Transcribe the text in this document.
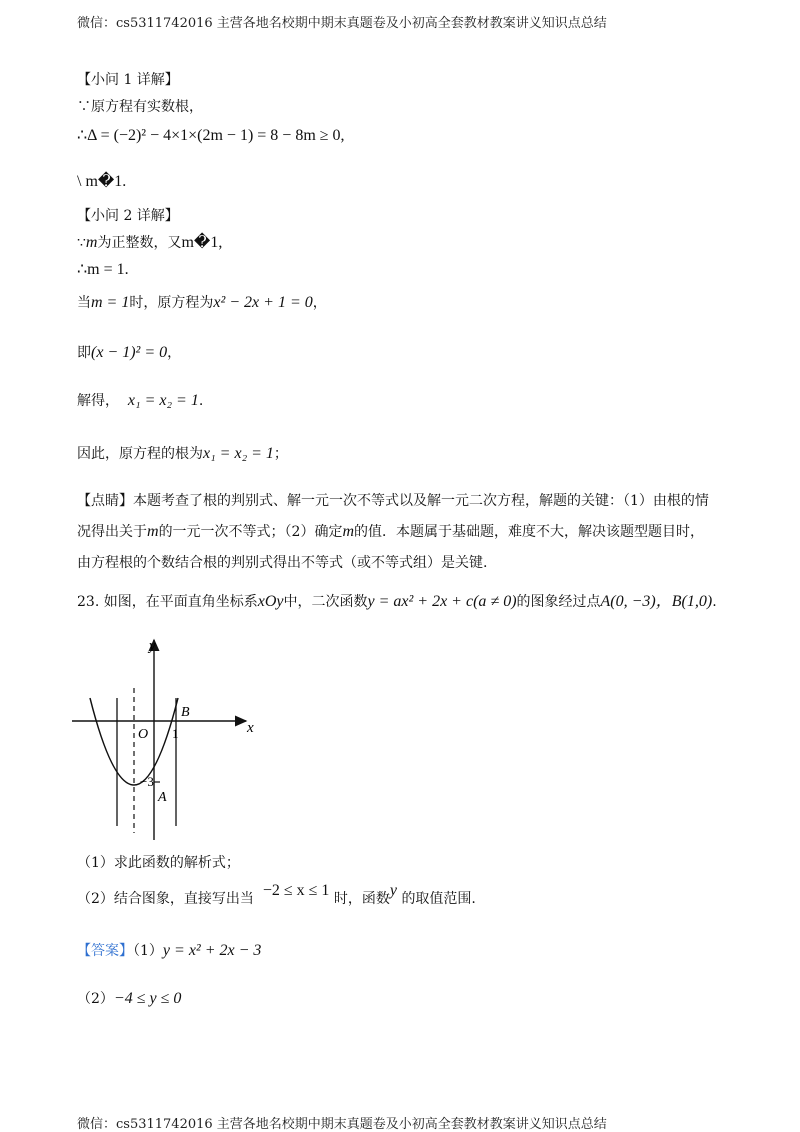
微信：cs5311742016 主营各地名校期中期末真题卷及小初高全套教材教案讲义知识点总结
微信：cs5311742016 主营各地名校期中期末真题卷及小初高全套教材教案讲义知识点总结
【小问 1 详解】
∵原方程有实数根，
∴Δ = (−2)² − 4×1×(2m − 1) = 8 − 8m ≥ 0,
\ m�1.
【小问 2 详解】
∵m为正整数，又m�1,
∴m = 1.
当m = 1时，原方程为x² − 2x + 1 = 0，
即(x − 1)² = 0，
解得， x₁ = x₂ = 1.
因此，原方程的根为x₁ = x₂ = 1；
【点睛】本题考查了根的判别式、解一元一次不等式以及解一元二次方程，解题的关键：（1）由根的情
况得出关于m的一元一次不等式；（2）确定m的值．本题属于基础题，难度不大，解决该题型题目时，
由方程根的个数结合根的判别式得出不等式（或不等式组）是关键.
23. 如图，在平面直角坐标系xOy中，二次函数y = ax² + 2x + c(a ≠ 0)的图象经过点A(0, −3)，B(1,0).
y
x
O
B
1
−3
A
（1）求此函数的解析式；
（2）结合图象，直接写出当 −2 ≤ x ≤ 1 时，函数y 的取值范围.
【答案】（1）y = x² + 2x − 3
（2）−4 ≤ y ≤ 0
